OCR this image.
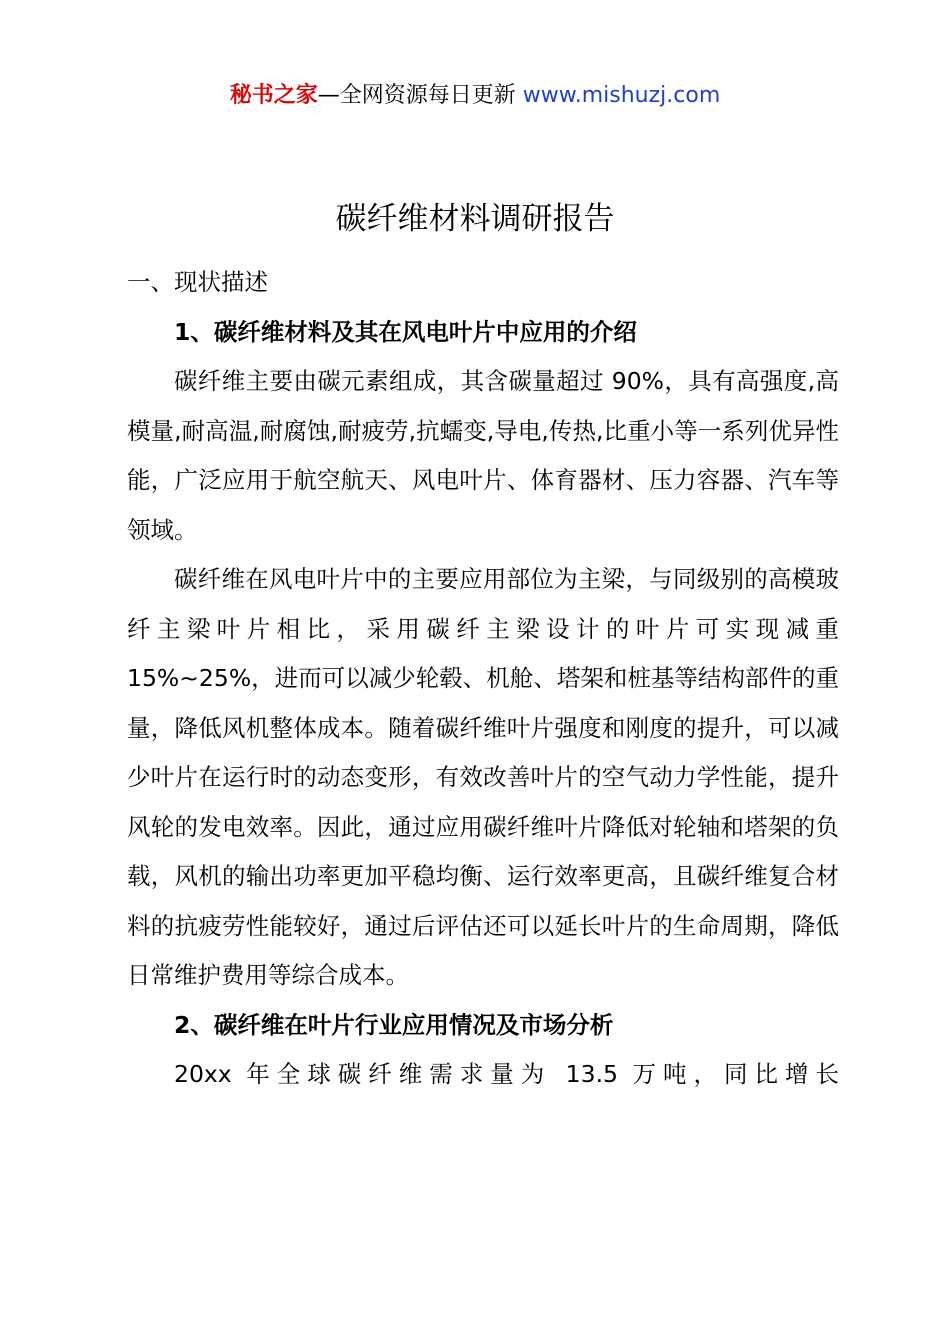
秘书之家—全网资源每日更新 www.mishuzj.com
碳纤维材料调研报告

一、现状描述

1、碳纤维材料及其在风电叶片中应用的介绍

碳纤维主要由碳元素组成，其含碳量超过 90%，具有高强度,高模量,耐高温,耐腐蚀,耐疲劳,抗蠕变,导电,传热,比重小等一系列优异性能，广泛应用于航空航天、风电叶片、体育器材、压力容器、汽车等领域。

碳纤维在风电叶片中的主要应用部位为主梁，与同级别的高模玻纤主梁叶片相比，采用碳纤主梁设计的叶片可实现减重 15%~25%，进而可以减少轮毂、机舱、塔架和桩基等结构部件的重量，降低风机整体成本。随着碳纤维叶片强度和刚度的提升，可以减少叶片在运行时的动态变形，有效改善叶片的空气动力学性能，提升风轮的发电效率。因此，通过应用碳纤维叶片降低对轮轴和塔架的负载，风机的输出功率更加平稳均衡、运行效率更高，且碳纤维复合材料的抗疲劳性能较好，通过后评估还可以延长叶片的生命周期，降低日常维护费用等综合成本。

2、碳纤维在叶片行业应用情况及市场分析

20xx 年全球碳纤维需求量为 13.5 万吨，同比增长
